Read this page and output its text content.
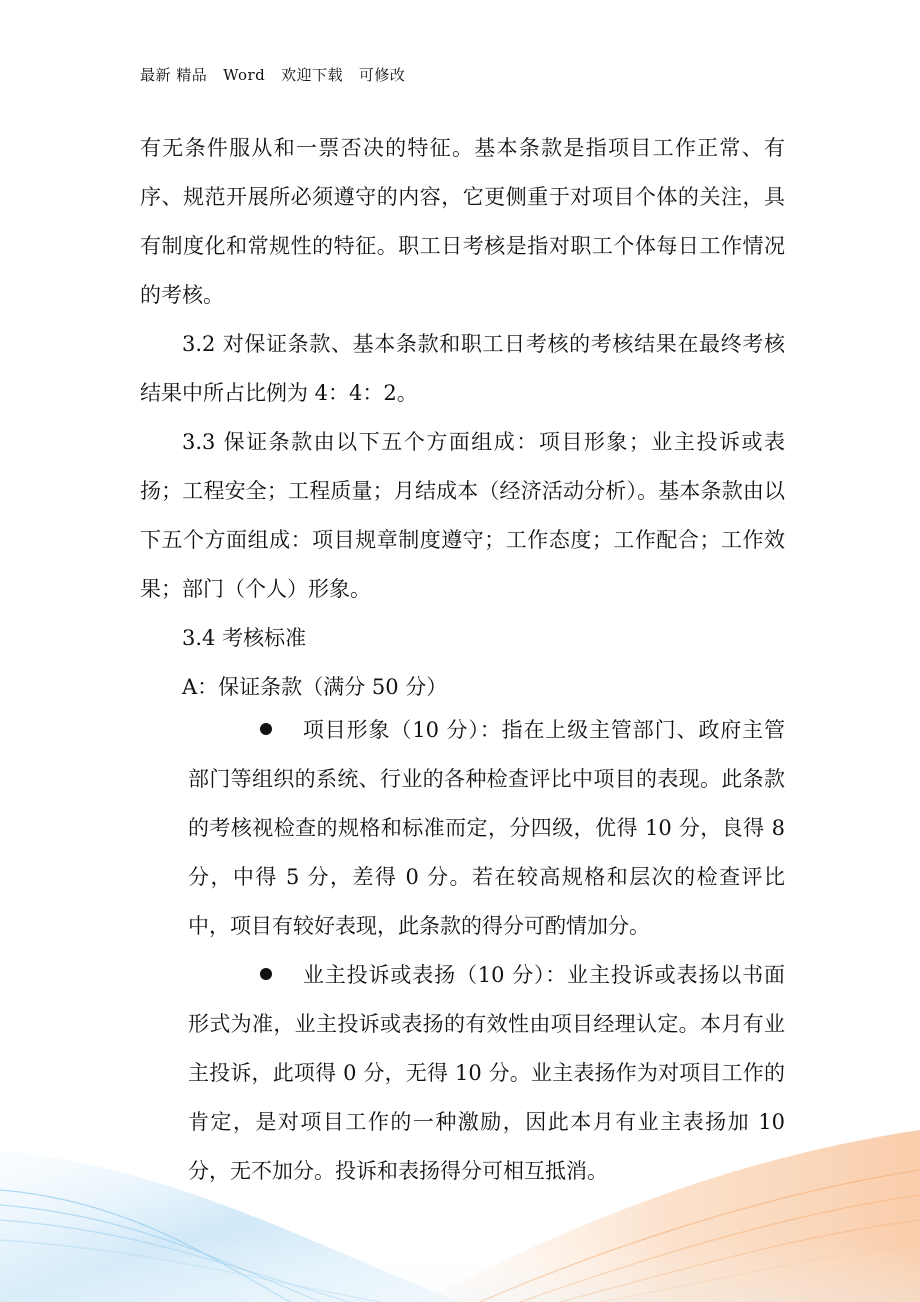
最新 精品   Word   欢迎下载   可修改

有无条件服从和一票否决的特征。基本条款是指项目工作正常、有序、规范开展所必须遵守的内容，它更侧重于对项目个体的关注，具有制度化和常规性的特征。职工日考核是指对职工个体每日工作情况的考核。

3.2 对保证条款、基本条款和职工日考核的考核结果在最终考核结果中所占比例为 4：4：2。

3.3 保证条款由以下五个方面组成：项目形象；业主投诉或表扬；工程安全；工程质量；月结成本（经济活动分析）。基本条款由以下五个方面组成：项目规章制度遵守；工作态度；工作配合；工作效果；部门（个人）形象。

3.4 考核标准

A：保证条款（满分 50 分）

项目形象（10 分）：指在上级主管部门、政府主管部门等组织的系统、行业的各种检查评比中项目的表现。此条款的考核视检查的规格和标准而定，分四级，优得 10 分，良得 8 分，中得 5 分，差得 0 分。若在较高规格和层次的检查评比中，项目有较好表现，此条款的得分可酌情加分。

业主投诉或表扬（10 分）：业主投诉或表扬以书面形式为准，业主投诉或表扬的有效性由项目经理认定。本月有业主投诉，此项得 0 分，无得 10 分。业主表扬作为对项目工作的肯定，是对项目工作的一种激励，因此本月有业主表扬加 10 分，无不加分。投诉和表扬得分可相互抵消。
